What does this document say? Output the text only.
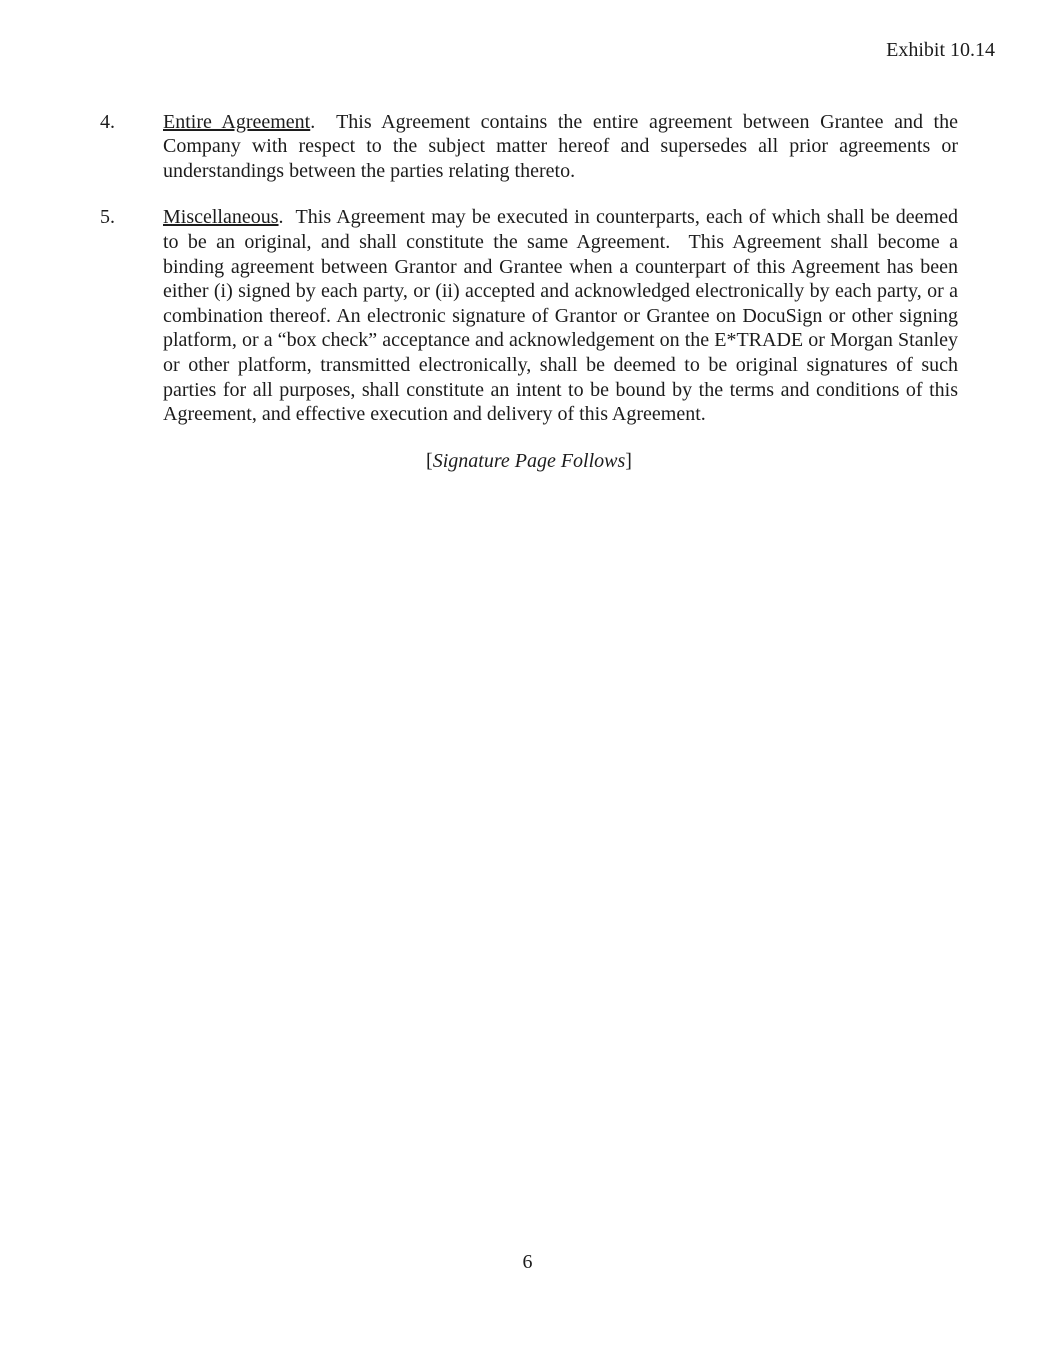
Exhibit 10.14
4.	Entire Agreement.  This Agreement contains the entire agreement between Grantee and the Company with respect to the subject matter hereof and supersedes all prior agreements or understandings between the parties relating thereto.
5.	Miscellaneous.  This Agreement may be executed in counterparts, each of which shall be deemed to be an original, and shall constitute the same Agreement.  This Agreement shall become a binding agreement between Grantor and Grantee when a counterpart of this Agreement has been either (i) signed by each party, or (ii) accepted and acknowledged electronically by each party, or a combination thereof. An electronic signature of Grantor or Grantee on DocuSign or other signing platform, or a “box check” acceptance and acknowledgement on the E*TRADE or Morgan Stanley or other platform, transmitted electronically, shall be deemed to be original signatures of such parties for all purposes, shall constitute an intent to be bound by the terms and conditions of this Agreement, and effective execution and delivery of this Agreement.
[Signature Page Follows]
6
